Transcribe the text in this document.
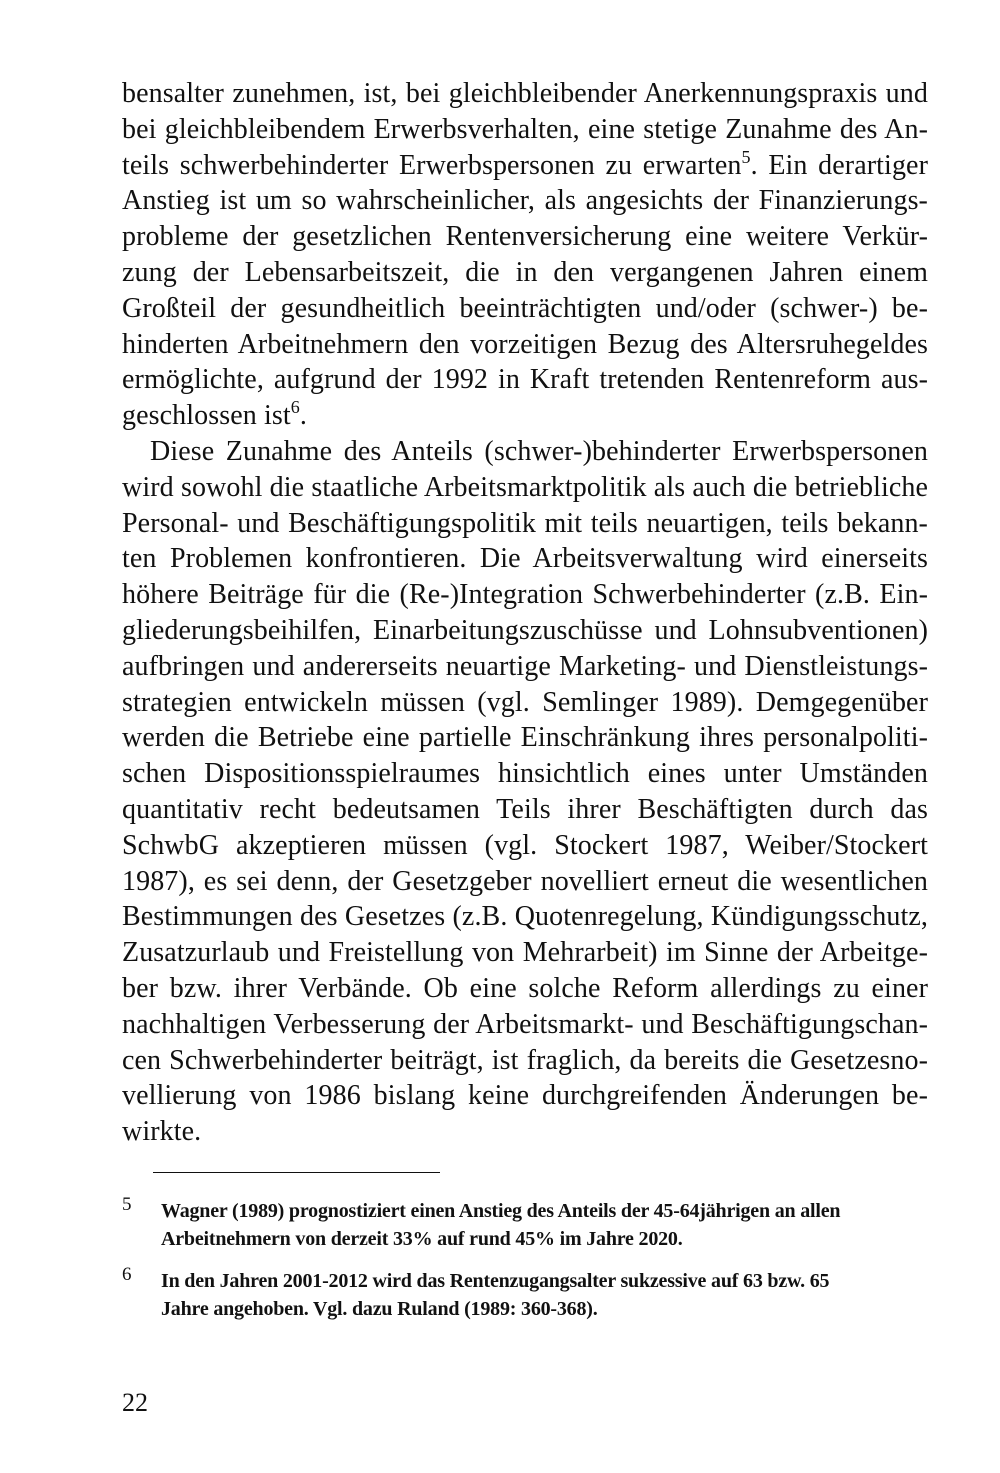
bensalter zunehmen, ist, bei gleichbleibender Anerkennungspraxis und
bei gleichbleibendem Erwerbsverhalten, eine stetige Zunahme des An-
teils schwerbehinderter Erwerbspersonen zu erwarten$^5$. Ein derartiger
Anstieg ist um so wahrscheinlicher, als angesichts der Finanzierungs-
probleme der gesetzlichen Rentenversicherung eine weitere Verkür-
zung der Lebensarbeitszeit, die in den vergangenen Jahren einem
Großteil der gesundheitlich beeinträchtigten und/oder (schwer-) be-
hinderten Arbeitnehmern den vorzeitigen Bezug des Altersruhegeldes
ermöglichte, aufgrund der 1992 in Kraft tretenden Rentenreform aus-
geschlossen ist$^6$.

Diese Zunahme des Anteils (schwer-)behinderter Erwerbspersonen
wird sowohl die staatliche Arbeitsmarktpolitik als auch die betriebliche
Personal- und Beschäftigungspolitik mit teils neuartigen, teils bekann-
ten Problemen konfrontieren. Die Arbeitsverwaltung wird einerseits
höhere Beiträge für die (Re-)Integration Schwerbehinderter (z.B. Ein-
gliederungsbeihilfen, Einarbeitungszuschüsse und Lohnsubventionen)
aufbringen und andererseits neuartige Marketing- und Dienstleistungs-
strategien entwickeln müssen (vgl. Semlinger 1989). Demgegenüber
werden die Betriebe eine partielle Einschränkung ihres personalpoliti-
schen Dispositionsspielraumes hinsichtlich eines unter Umständen
quantitativ recht bedeutsamen Teils ihrer Beschäftigten durch das
SchwbG akzeptieren müssen (vgl. Stockert 1987, Weiber/Stockert
1987), es sei denn, der Gesetzgeber novelliert erneut die wesentlichen
Bestimmungen des Gesetzes (z.B. Quotenregelung, Kündigungsschutz,
Zusatzurlaub und Freistellung von Mehrarbeit) im Sinne der Arbeitge-
ber bzw. ihrer Verbände. Ob eine solche Reform allerdings zu einer
nachhaltigen Verbesserung der Arbeitsmarkt- und Beschäftigungschan-
cen Schwerbehinderter beiträgt, ist fraglich, da bereits die Gesetzesno-
vellierung von 1986 bislang keine durchgreifenden Änderungen be-
wirkte.

5 Wagner (1989) prognostiziert einen Anstieg des Anteils der 45-64jährigen an allen
Arbeitnehmern von derzeit 33% auf rund 45% im Jahre 2020.
6 In den Jahren 2001-2012 wird das Rentenzugangsalter sukzessive auf 63 bzw. 65
Jahre angehoben. Vgl. dazu Ruland (1989: 360-368).
22
